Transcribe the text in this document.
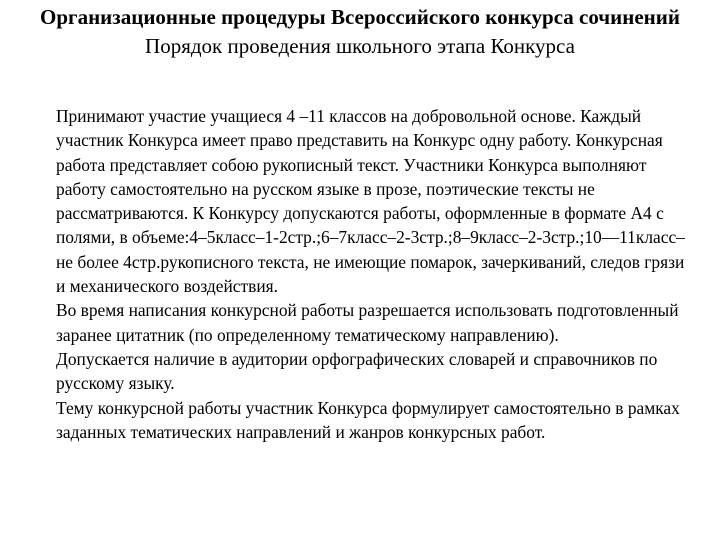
Организационные процедуры Всероссийского конкурса сочинений

Порядок проведения школьного этапа Конкурса

Принимают участие учащиеся 4 –11 классов на добровольной основе. Каждый участник Конкурса имеет право представить на Конкурс одну работу. Конкурсная работа представляет собою рукописный текст. Участники Конкурса выполняют работу самостоятельно на русском языке в прозе, поэтические тексты не рассматриваются. К Конкурсу допускаются работы, оформленные в формате А4 с полями, в объеме:4–5класс–1-2стр.;6–7класс–2-3стр.;8–9класс–2-3стр.;10—11класс–не более 4стр.рукописного текста, не имеющие помарок, зачеркиваний, следов грязи и механического воздействия.

Во время написания конкурсной работы разрешается использовать подготовленный заранее цитатник (по определенному тематическому направлению).

Допускается наличие в аудитории орфографических словарей и справочников по русскому языку.

Тему конкурсной работы участник Конкурса формулирует самостоятельно в рамках заданных тематических направлений и жанров конкурсных работ.
